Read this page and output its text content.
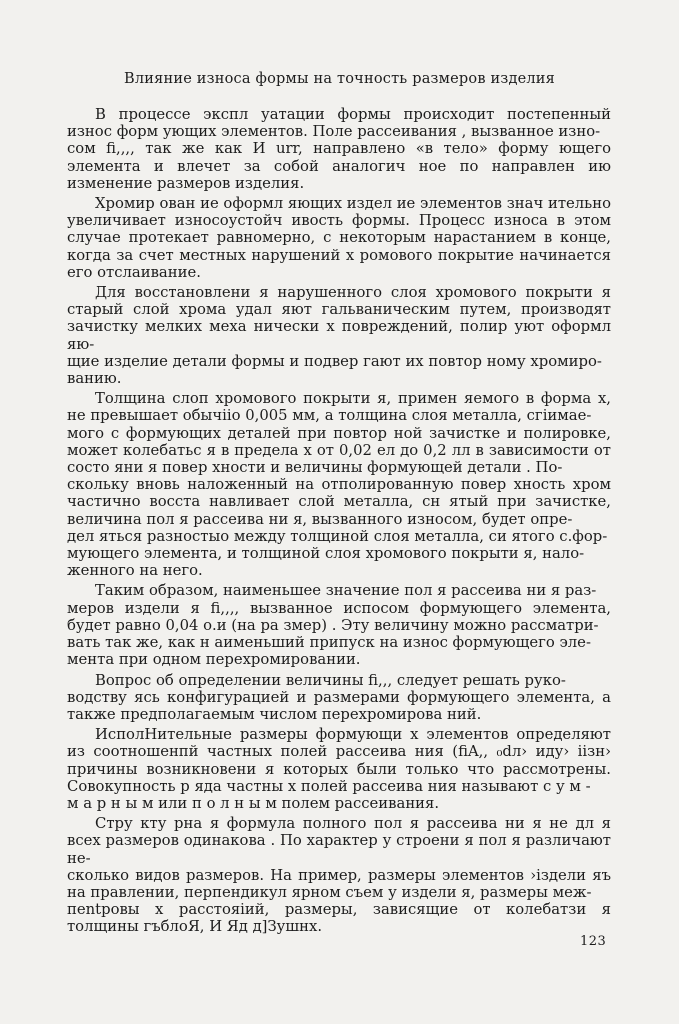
Влияние износа формы на точность размеров изделия

В процессе экспл уатации формы происходит постепенный износ форм ующих элементов. Поле рассеивания , вызванное изно-
сом fi,,,, так же как И urr, направлено «в тело» форму ющего элемента и влечет за собой аналогич ное по направлен ию изменение размеров изделия.

Хромир ован ие оформл яющих издел ие элементов знач ительно увеличивает износоустойч ивость формы. Процесс износа в этом случае протекает равномерно, с некоторым нарастанием в конце, когда за счет местных нарушений х ромового покрытие начинается его отслаивание.

Для восстановлени я нарушенного слоя хромового покрыти я старый слой хрома удал яют гальваническим путем, производят зачистку мелких меха нически х повреждений, полир уют оформл яю-
щие изделие детали формы и подвер гают их повтор ному хромиро-
ванию.

Толщина слоп хромового покрыти я, примен яемого в форма х, не превышает обычiio 0,005 мм, а толщина слоя металла, сгiимае-
мого с формующих деталей при повтор ной зачистке и полировке, может колебатьс я в предела х от 0,02 ел до 0,2 лл в зависимости от состо яни я повер хности и величины формующей детали . По-
скольку вновь наложенный на отполированную повер хность хром частично восста навливает слой металла, сн ятый при зачистке, величина пол я рассеива ни я, вызванного износом, будет опре-
дел яться разностыо между толщиной слоя металла, си ятого с.фор-
мующего элемента, и толщиной слоя хромового покрыти я, нало-
женного на него.

Таким образом, наименьшее значение пол я рассеива ни я раз-
меров издели я fi,,,, вызванное испосом формующего элемента, будет равно 0,04 о.и (на ра змер) . Эту величину можно рассматри-
вать так же, как н аименьший припуск на износ формующего эле-
мента при одном перехромировании.

Вопрос об определении величины fi,,, следует решать руко-
водству ясь конфигурацией и размерами формующего элемента, а также предполагаемым числом перехромирова ний.

ИсполНительные размеры формующи х элементов определяют из соотношенпй частных полей рассеива ния (fiA,, ₀dл› иду› iiзн› причины возникновени я которых были только что рассмотрены. Совокупность р яда частны х полей рассеива ния называют с у м -
м а р н ы м или п о л н ы м полем рассеивания.

Стру кту рна я формула полного пол я рассеива ни я не дл я всех размеров одинакова . По характер у строени я пол я различают не-
сколько видов размеров. На пример, размеры элементов ›iздели яъ на правлении, перпендикул ярном съем у издели я, размеры меж-
пentровы х расстояiий, размеры, зависящие от колебатзи я толщины гъблоЯ, И Яд д]Зушнх.

123
